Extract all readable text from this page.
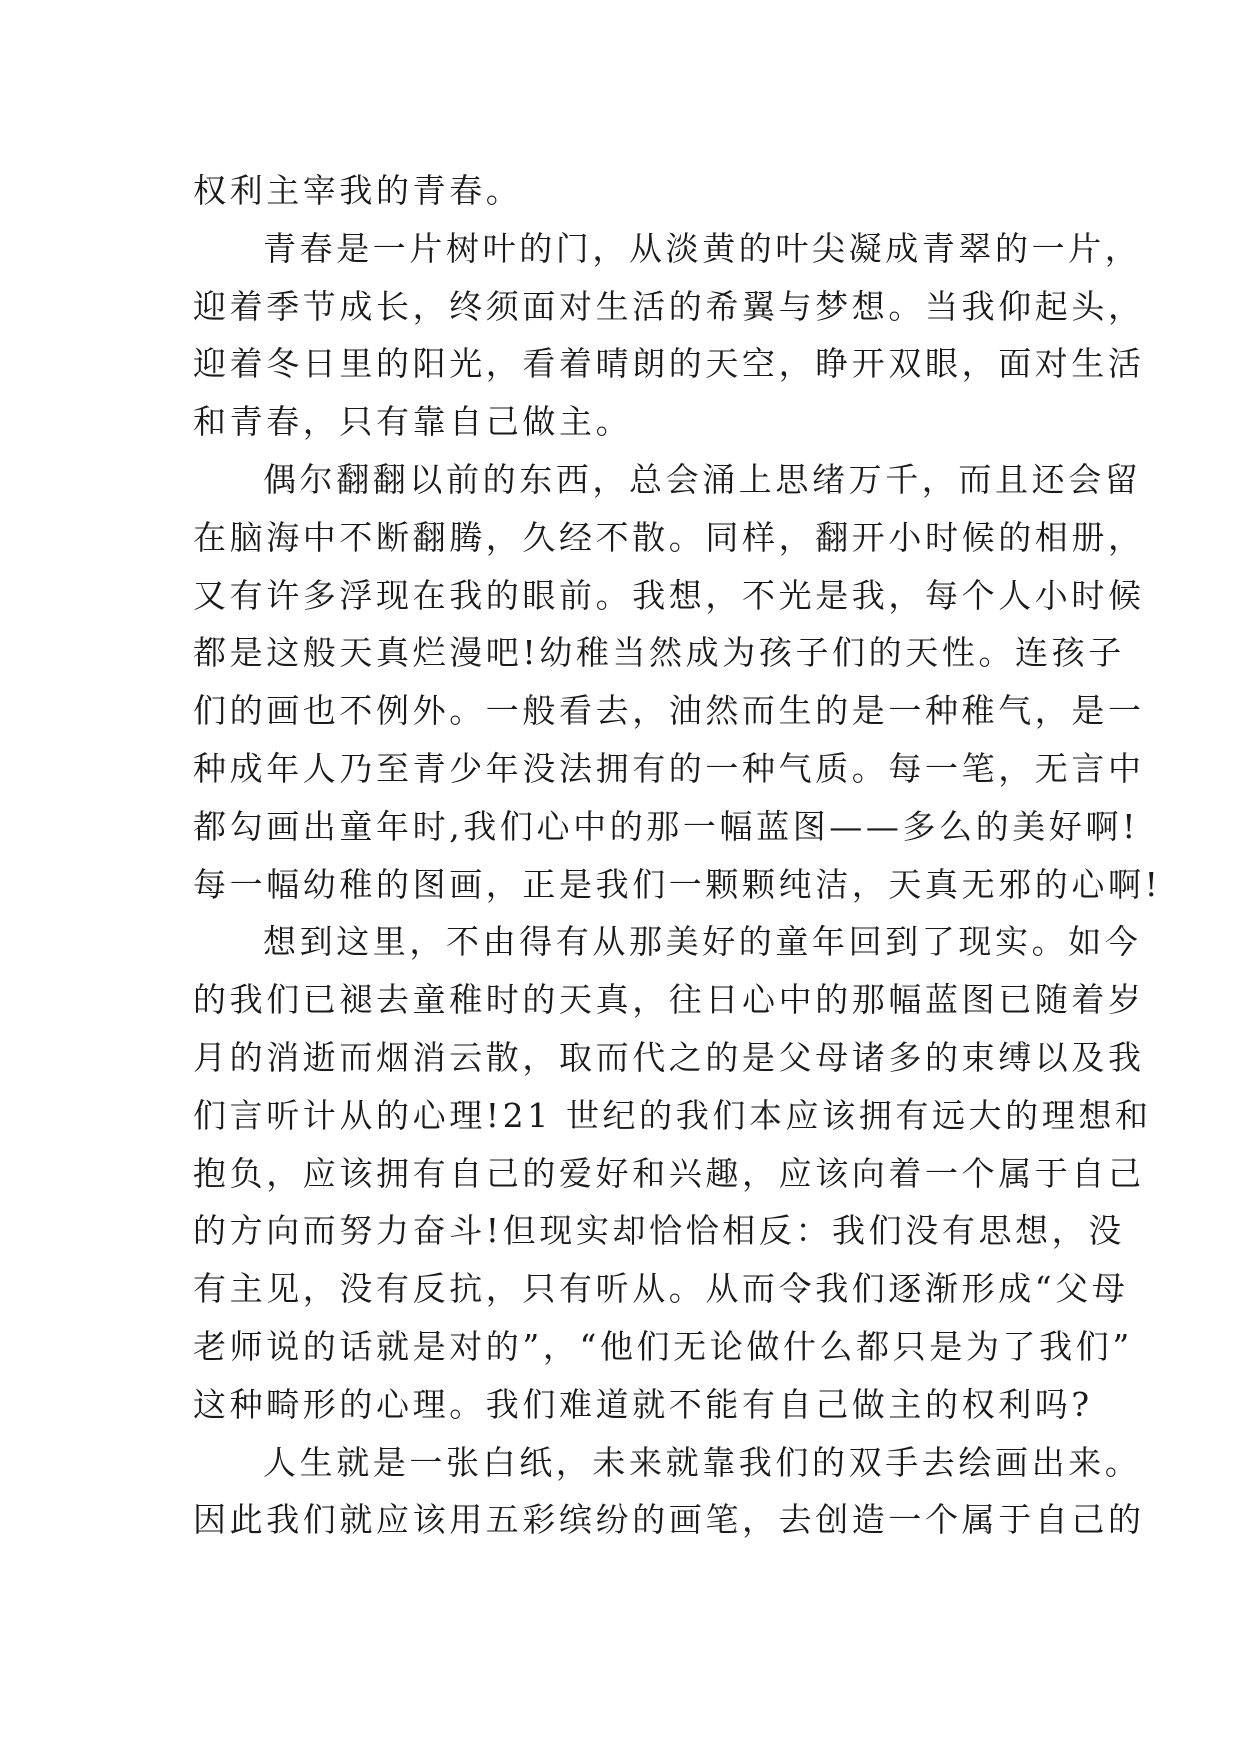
权利主宰我的青春。
青春是一片树叶的门，从淡黄的叶尖凝成青翠的一片，
迎着季节成长，终须面对生活的希翼与梦想。当我仰起头，
迎着冬日里的阳光，看着晴朗的天空，睁开双眼，面对生活
和青春，只有靠自己做主。
偶尔翻翻以前的东西，总会涌上思绪万千，而且还会留
在脑海中不断翻腾，久经不散。同样，翻开小时候的相册，
又有许多浮现在我的眼前。我想，不光是我，每个人小时候
都是这般天真烂漫吧!幼稚当然成为孩子们的天性。连孩子
们的画也不例外。一般看去，油然而生的是一种稚气，是一
种成年人乃至青少年没法拥有的一种气质。每一笔，无言中
都勾画出童年时,我们心中的那一幅蓝图——多么的美好啊!
每一幅幼稚的图画，正是我们一颗颗纯洁，天真无邪的心啊!
想到这里，不由得有从那美好的童年回到了现实。如今
的我们已褪去童稚时的天真，往日心中的那幅蓝图已随着岁
月的消逝而烟消云散，取而代之的是父母诸多的束缚以及我
们言听计从的心理!21 世纪的我们本应该拥有远大的理想和
抱负，应该拥有自己的爱好和兴趣，应该向着一个属于自己
的方向而努力奋斗!但现实却恰恰相反：我们没有思想，没
有主见，没有反抗，只有听从。从而令我们逐渐形成“父母
老师说的话就是对的”，“他们无论做什么都只是为了我们”
这种畸形的心理。我们难道就不能有自己做主的权利吗?
人生就是一张白纸，未来就靠我们的双手去绘画出来。
因此我们就应该用五彩缤纷的画笔，去创造一个属于自己的
